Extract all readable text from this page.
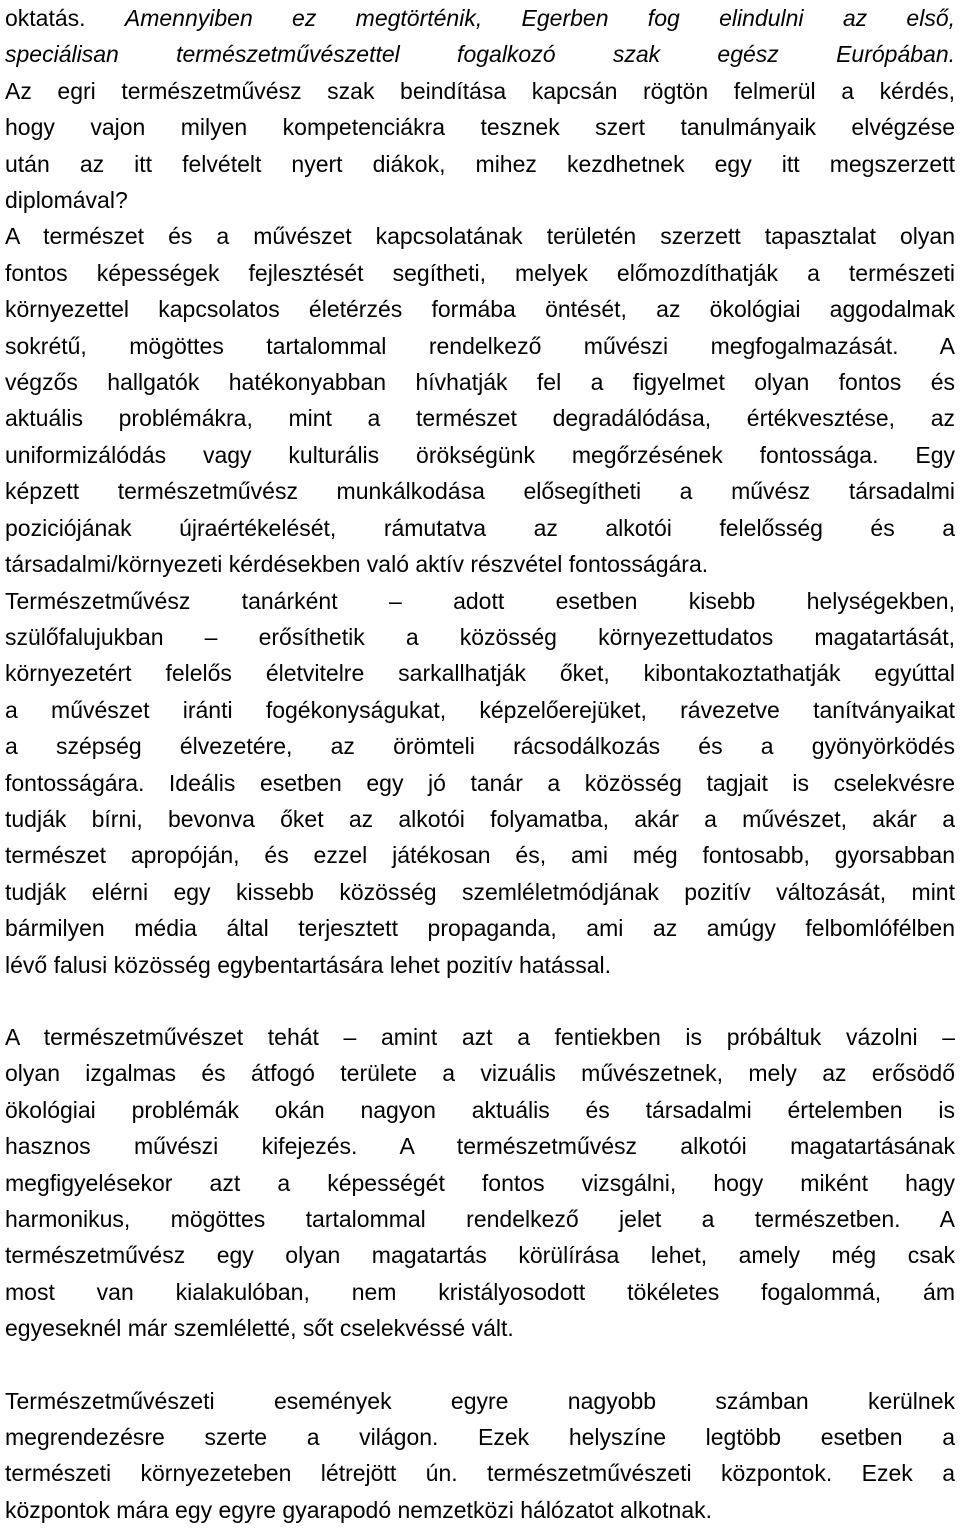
oktatás. Amennyiben ez megtörténik, Egerben fog elindulni az első,
speciálisan természetművészettel fogalkozó szak egész Európában.
Az egri természetművész szak beindítása kapcsán rögtön felmerül a kérdés,
hogy vajon milyen kompetenciákra tesznek szert tanulmányaik elvégzése
után az itt felvételt nyert diákok, mihez kezdhetnek egy itt megszerzett
diplomával?
A természet és a művészet kapcsolatának területén szerzett tapasztalat olyan
fontos képességek fejlesztését segítheti, melyek előmozdíthatják a természeti
környezettel kapcsolatos életérzés formába öntését, az ökológiai aggodalmak
sokrétű, mögöttes tartalommal rendelkező művészi megfogalmazását. A
végzős hallgatók hatékonyabban hívhatják fel a figyelmet olyan fontos és
aktuális problémákra, mint a természet degradálódása, értékvesztése, az
uniformizálódás vagy kulturális örökségünk megőrzésének fontossága. Egy
képzett természetművész munkálkodása elősegítheti a művész társadalmi
poziciójának újraértékelését, rámutatva az alkotói felelősség és a
társadalmi/környezeti kérdésekben való aktív részvétel fontosságára.
Természetművész tanárként – adott esetben kisebb helységekben,
szülőfalujukban – erősíthetik a közösség környezettudatos magatartását,
környezetért felelős életvitelre sarkallhatják őket, kibontakoztathatják egyúttal
a művészet iránti fogékonyságukat, képzelőerejüket, rávezetve tanítványaikat
a szépség élvezetére, az örömteli rácsodálkozás és a gyönyörködés
fontosságára. Ideális esetben egy jó tanár a közösség tagjait is cselekvésre
tudják bírni, bevonva őket az alkotói folyamatba, akár a művészet, akár a
természet apropóján, és ezzel játékosan és, ami még fontosabb, gyorsabban
tudják elérni egy kissebb közösség szemléletmódjának pozitív változását, mint
bármilyen média által terjesztett propaganda, ami az amúgy felbomlófélben
lévő falusi közösség egybentartására lehet pozitív hatással.
A természetművészet tehát – amint azt a fentiekben is próbáltuk vázolni –
olyan izgalmas és átfogó területe a vizuális művészetnek, mely az erősödő
ökológiai problémák okán nagyon aktuális és társadalmi értelemben is
hasznos művészi kifejezés. A természetművész alkotói magatartásának
megfigyelésekor azt a képességét fontos vizsgálni, hogy miként hagy
harmonikus, mögöttes tartalommal rendelkező jelet a természetben. A
természetművész egy olyan magatartás körülírása lehet, amely még csak
most van kialakulóban, nem kristályosodott tökéletes fogalommá, ám
egyeseknél már szemléletté, sőt cselekvéssé vált.
Természetművészeti események egyre nagyobb számban kerülnek
megrendezésre szerte a világon. Ezek helyszíne legtöbb esetben a
természeti környezeteben létrejött ún. természetművészeti központok. Ezek a
központok mára egy egyre gyarapodó nemzetközi hálózatot alkotnak.
